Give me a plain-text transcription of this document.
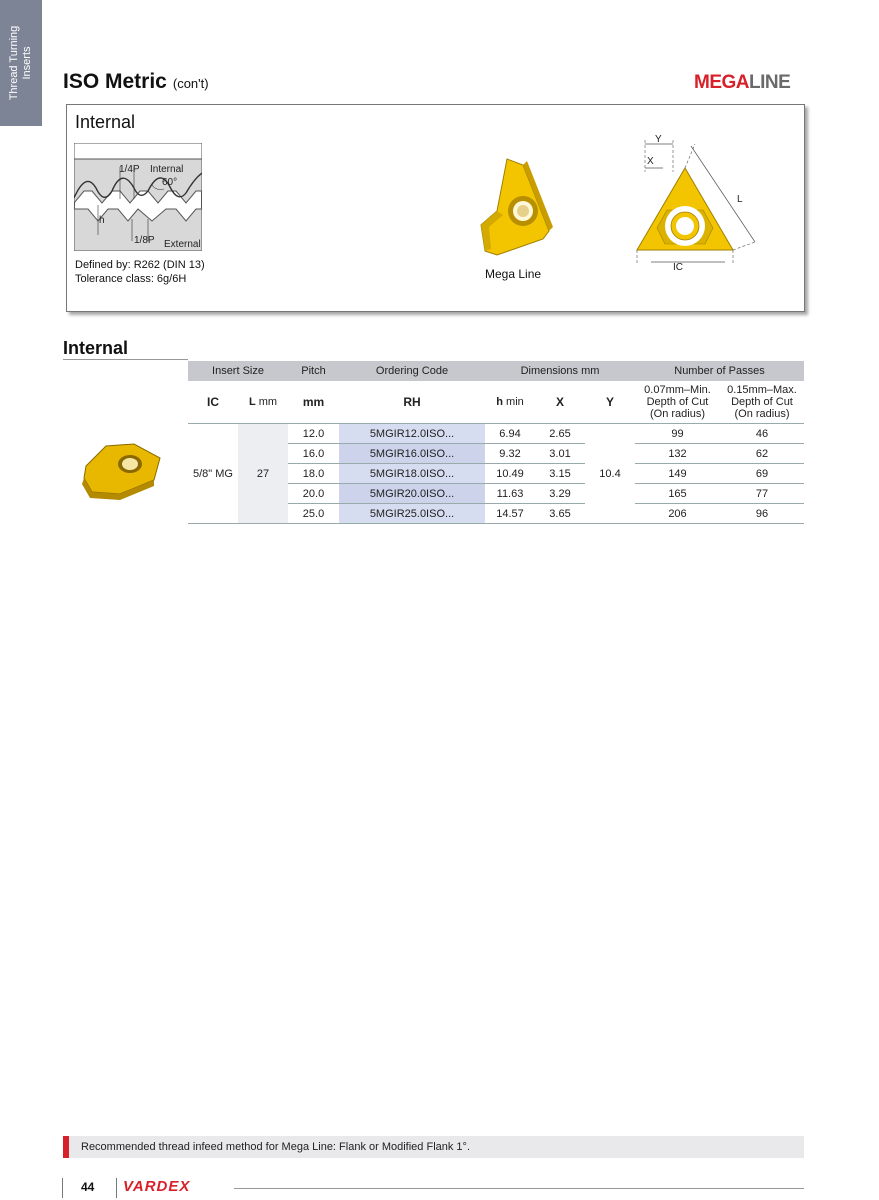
Thread Turning
Inserts
ISO Metric (con't)	MEGALINE
Internal
1/4P Internal
60°
h
1/8P External
Defined by: R262 (DIN 13)
Tolerance class: 6g/6H	Mega Line
Y
X
L
IC
Internal
Insert Size		Pitch	Ordering Code	Dimensions mm			Number of Passes	
IC	L mm	mm	RH	h min	X	Y	0.07mm–Min.
Depth of Cut
(On radius)	0.15mm–Max.
Depth of Cut
(On radius)
5/8" MG	27	12.0	5MGIR12.0ISO...	6.94	2.65	10.4	99	46
		16.0	5MGIR16.0ISO...	9.32	3.01		132	62
		18.0	5MGIR18.0ISO...	10.49	3.15		149	69
		20.0	5MGIR20.0ISO...	11.63	3.29		165	77
		25.0	5MGIR25.0ISO...	14.57	3.65		206	96
Recommended thread infeed method for Mega Line: Flank or Modified Flank 1°.
44 VARDEX
